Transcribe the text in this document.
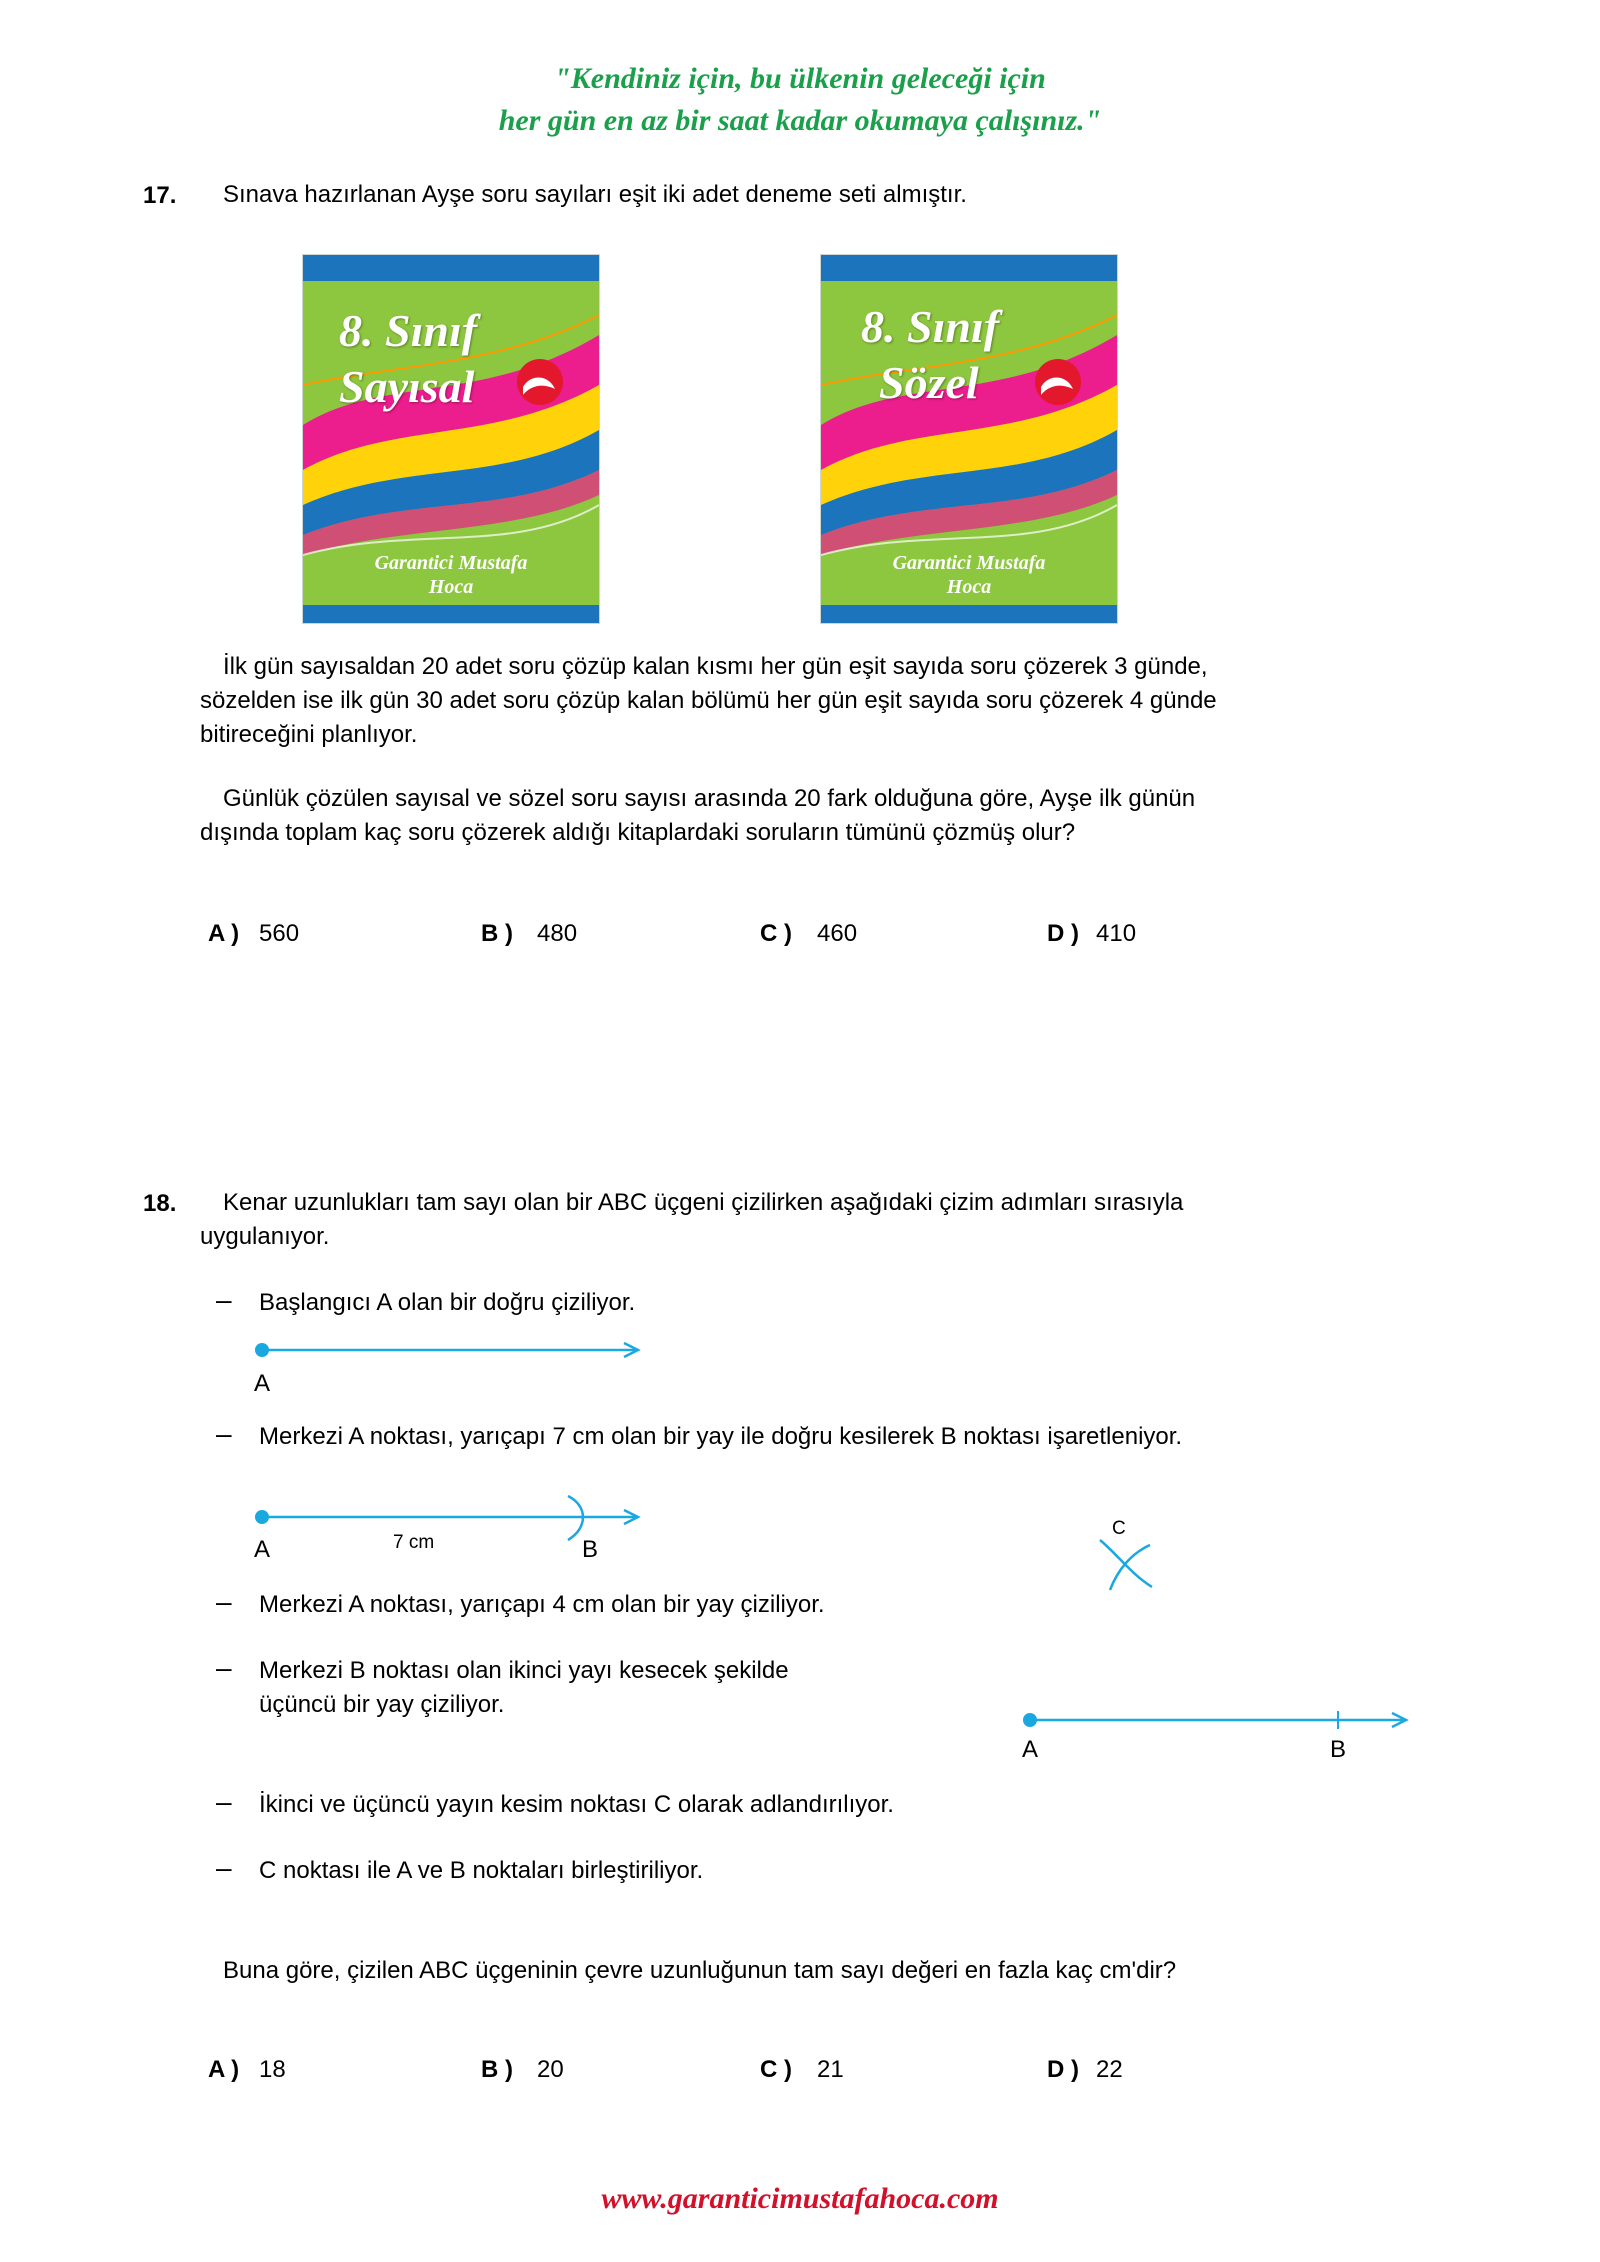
"Kendiniz için, bu ülkenin geleceği için
her gün en az bir saat kadar okumaya çalışınız."
17. Sınava hazırlanan Ayşe soru sayıları eşit iki adet deneme seti almıştır.
8. Sınıf
Sayısal
Garantici Mustafa
Hoca
8. Sınıf
Sözel
Garantici Mustafa
Hoca
İlk gün sayısaldan 20 adet soru çözüp kalan kısmı her gün eşit sayıda soru çözerek 3 günde,
sözelden ise ilk gün 30 adet soru çözüp kalan bölümü her gün eşit sayıda soru çözerek 4 günde
bitireceğini planlıyor.
Günlük çözülen sayısal ve sözel soru sayısı arasında 20 fark olduğuna göre, Ayşe ilk günün
dışında toplam kaç soru çözerek aldığı kitaplardaki soruların tümünü çözmüş olur?
A ) 560	B ) 480	C ) 460	D ) 410
18. Kenar uzunlukları tam sayı olan bir ABC üçgeni çizilirken aşağıdaki çizim adımları sırasıyla
uygulanıyor.
– Başlangıcı A olan bir doğru çiziliyor.
A
– Merkezi A noktası, yarıçapı 7 cm olan bir yay ile doğru kesilerek B noktası işaretleniyor.
A	7 cm	B
C
– Merkezi A noktası, yarıçapı 4 cm olan bir yay çiziliyor.
– Merkezi B noktası olan ikinci yayı kesecek şekilde
üçüncü bir yay çiziliyor.
A	B
– İkinci ve üçüncü yayın kesim noktası C olarak adlandırılıyor.
– C noktası ile A ve B noktaları birleştiriliyor.
Buna göre, çizilen ABC üçgeninin çevre uzunluğunun tam sayı değeri en fazla kaç cm'dir?
A ) 18	B ) 20	C ) 21	D ) 22
www.garanticimustafahoca.com
